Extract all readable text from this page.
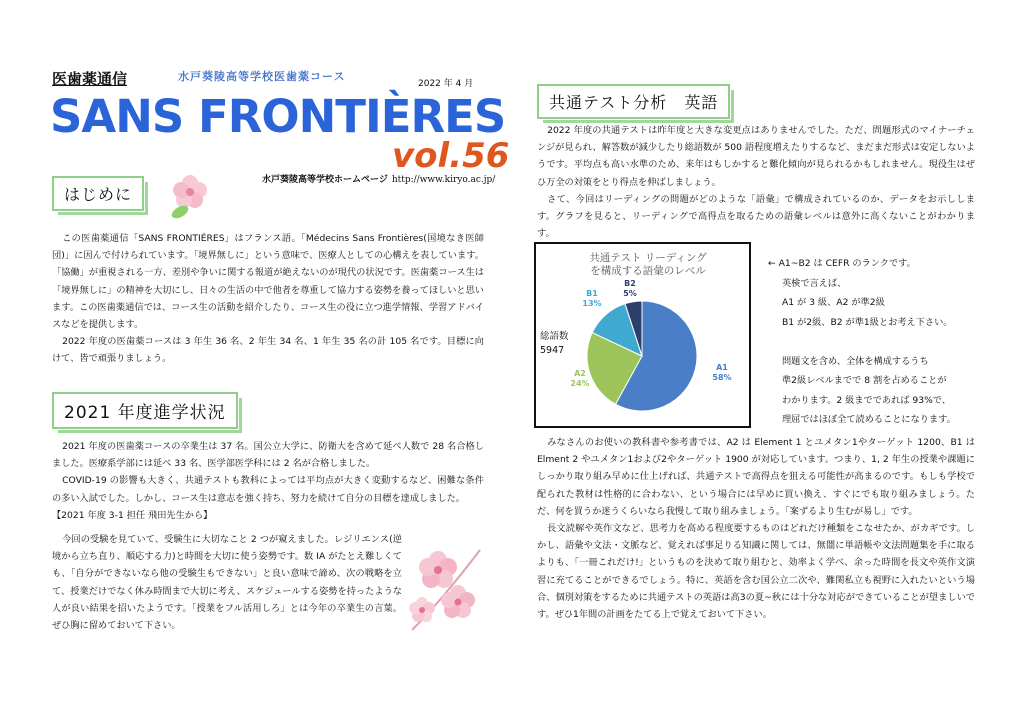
医歯薬通信	水戸葵陵高等学校医歯薬コース
2022 年 4 月
SANS FRONTIÈRES
vol.56
水戸葵陵高等学校ホームページ http://www.kiryo.ac.jp/
はじめに

この医歯薬通信「SANS FRONTIÉRES」はフランス語。「Médecins Sans Frontières(国境なき医師団)」に因んで付けられています。「境界無しに」という意味で、医療人としての心構えを表しています。「協働」が重視される一方、差別や争いに関する報道が絶えないのが現代の状況です。医歯薬コース生は「境界無しに」の精神を大切にし、日々の生活の中で他者を尊重して協力する姿勢を養ってほしいと思います。この医歯薬通信では、コース生の活動を紹介したり、コース生の役に立つ進学情報、学習アドバイスなどを提供します。

2022 年度の医歯薬コースは 3 年生 36 名、2 年生 34 名、1 年生 35 名の計 105 名です。目標に向けて、皆で頑張りましょう。

2021 年度進学状況

2021 年度の医歯薬コースの卒業生は 37 名。国公立大学に、防衛大を含めて延べ人数で 28 名合格しました。医療系学部には延べ 33 名、医学部医学科には 2 名が合格しました。

COVID-19 の影響も大きく、共通テストも教科によっては平均点が大きく変動するなど、困難な条件の多い入試でした。しかし、コース生は意志を強く持ち、努力を続けて自分の目標を達成しました。

【2021 年度 3-1 担任 飛田先生から】

今回の受験を見ていて、受験生に大切なこと 2 つが窺えました。レジリエンス(逆境から立ち直り、順応する力)と時間を大切に使う姿勢です。数 IA がたとえ難しくても、「自分ができないなら他の受験生もできない」と良い意味で諦め、次の戦略を立て、授業だけでなく休み時間まで大切に考え、スケジュールする姿勢を持ったような人が良い結果を招いたようです。「授業をフル活用しろ」とは今年の卒業生の言葉。ぜひ胸に留めておいて下さい。

共通テスト分析　英語

2022 年度の共通テストは昨年度と大きな変更点はありませんでした。ただ、問題形式のマイナーチェンジが見られ、解答数が減少したり総語数が 500 語程度増えたりするなど、まだまだ形式は安定しないようです。平均点も高い水準のため、来年はもしかすると難化傾向が見られるかもしれません。現役生はぜひ万全の対策をとり得点を伸ばしましょう。

さて、今回はリーディングの問題がどのような「語彙」で構成されているのか、データをお示しします。グラフを見ると、リーディングで高得点を取るための語彙レベルは意外に高くないことがわかります。

共通テスト リーディングを構成する語彙のレベル
A1
58%
A2
24%
B1
13%
B2
5%
総語数
5947
← A1~B2 は CEFR のランクです。
英検で言えば、
A1 が 3 級、A2 が準2級
B1 が2級、B2 が準1級とお考え下さい。

問題文を含め、全体を構成するうち
準2級レベルまでで 8 割を占めることが
わかります。2 級までであれば 93%で、
理屈ではほぼ全て読めることになります。

みなさんのお使いの教科書や参考書では、A2 は Element 1 とユメタン1やターゲット 1200、B1 は Elment 2 やユメタン1および2やターゲット 1900 が対応しています。つまり、1, 2 年生の授業や課題にしっかり取り組み早めに仕上げれば、共通テストで高得点を狙える可能性が高まるのです。もしも学校で配られた教材は性格的に合わない、という場合には早めに買い換え、すぐにでも取り組みましょう。ただ、何を買うか迷うくらいなら我慢して取り組みましょう。「案ずるより生むが易し」です。

長文読解や英作文など、思考力を高める程度要するものはどれだけ種類をこなせたか、がカギです。しかし、語彙や文法・文脈など、覚えれば事足りる知識に関しては、無闇に単語帳や文法問題集を手に取るよりも、「一冊これだけ!」というものを決めて取り組むと、効率よく学べ、余った時間を長文や英作文演習に充てることができるでしょう。特に、英語を含む国公立二次や、難関私立も視野に入れたいという場合、個別対策をするために共通テストの英語は高3の夏~秋には十分な対応ができていることが望ましいです。ぜひ1年間の計画をたてる上で覚えておいて下さい。
